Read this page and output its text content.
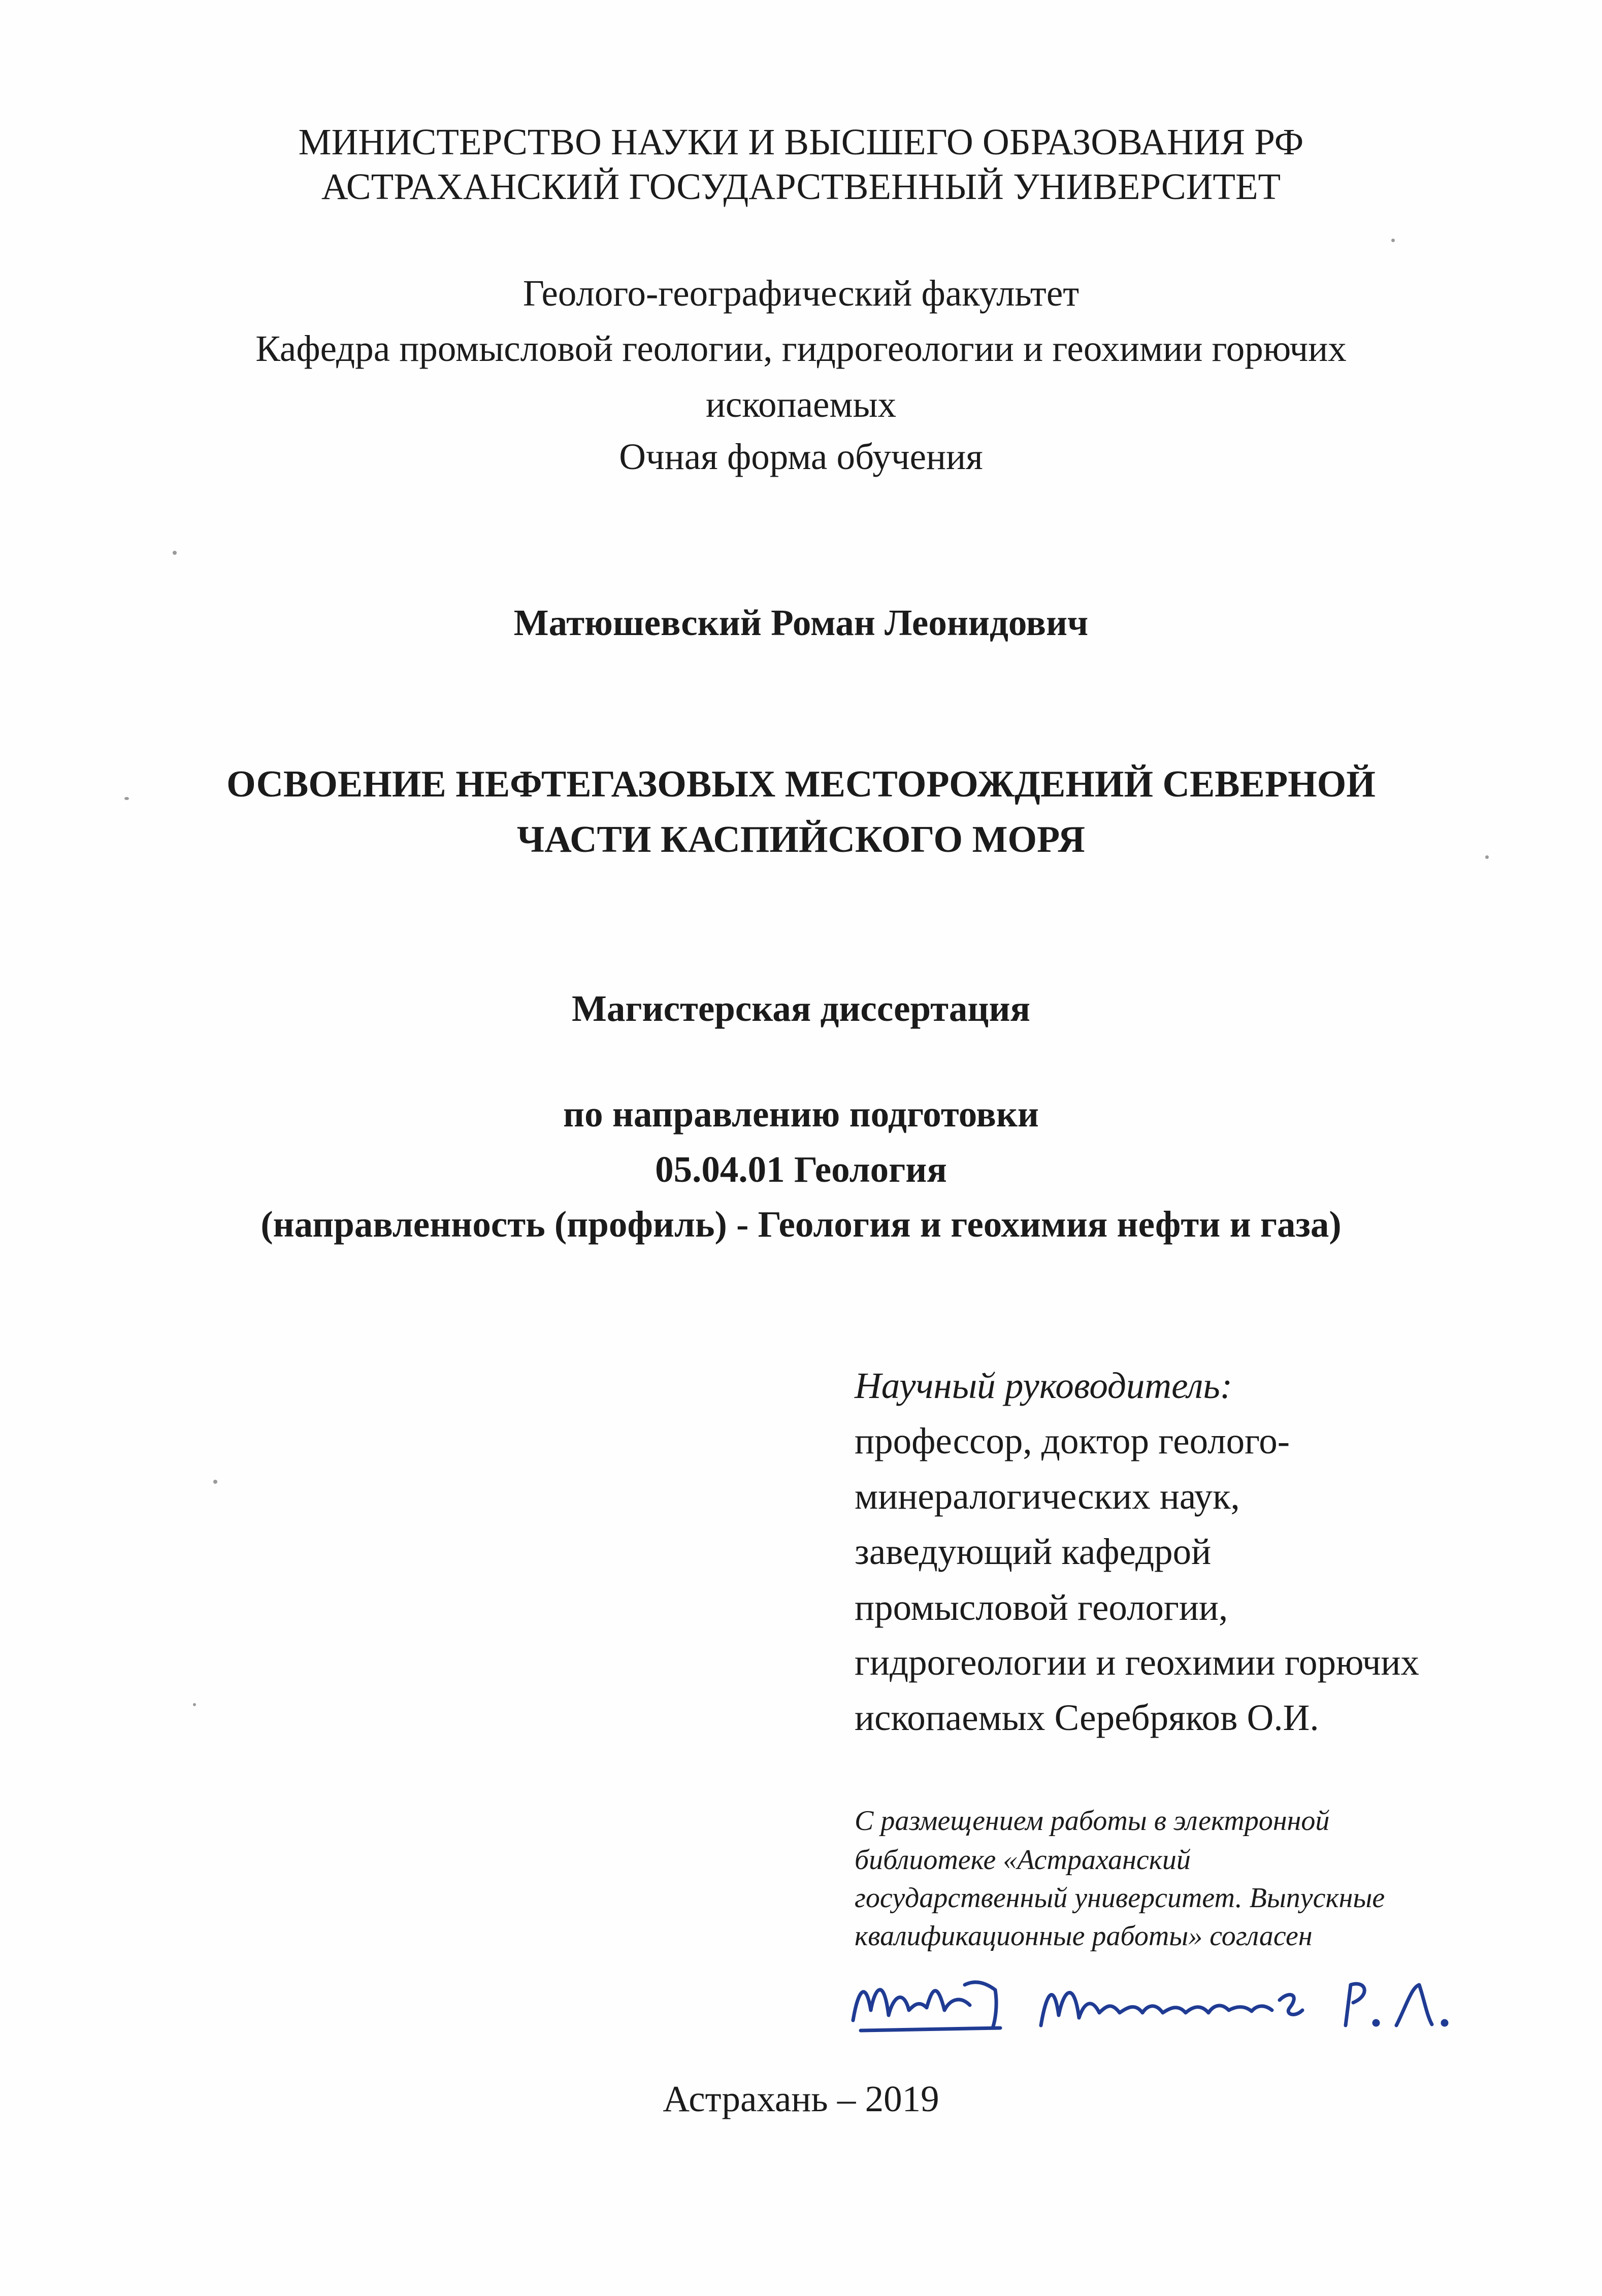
МИНИСТЕРСТВО НАУКИ И ВЫСШЕГО ОБРАЗОВАНИЯ РФ
АСТРАХАНСКИЙ ГОСУДАРСТВЕННЫЙ УНИВЕРСИТЕТ
Геолого-географический факультет
Кафедра промысловой геологии, гидрогеологии и геохимии горючих
ископаемых
Очная форма обучения
Матюшевский Роман Леонидович
ОСВОЕНИЕ НЕФТЕГАЗОВЫХ МЕСТОРОЖДЕНИЙ СЕВЕРНОЙ
ЧАСТИ КАСПИЙСКОГО МОРЯ
Магистерская диссертация
по направлению подготовки
05.04.01 Геология
(направленность (профиль) - Геология и геохимия нефти и газа)
Научный руководитель:
профессор, доктор геолого-
минералогических наук,
заведующий кафедрой
промысловой геологии,
гидрогеологии и геохимии горючих
ископаемых Серебряков О.И.
С размещением работы в электронной
библиотеке «Астраханский
государственный университет. Выпускные
квалификационные работы» согласен
Астрахань – 2019
